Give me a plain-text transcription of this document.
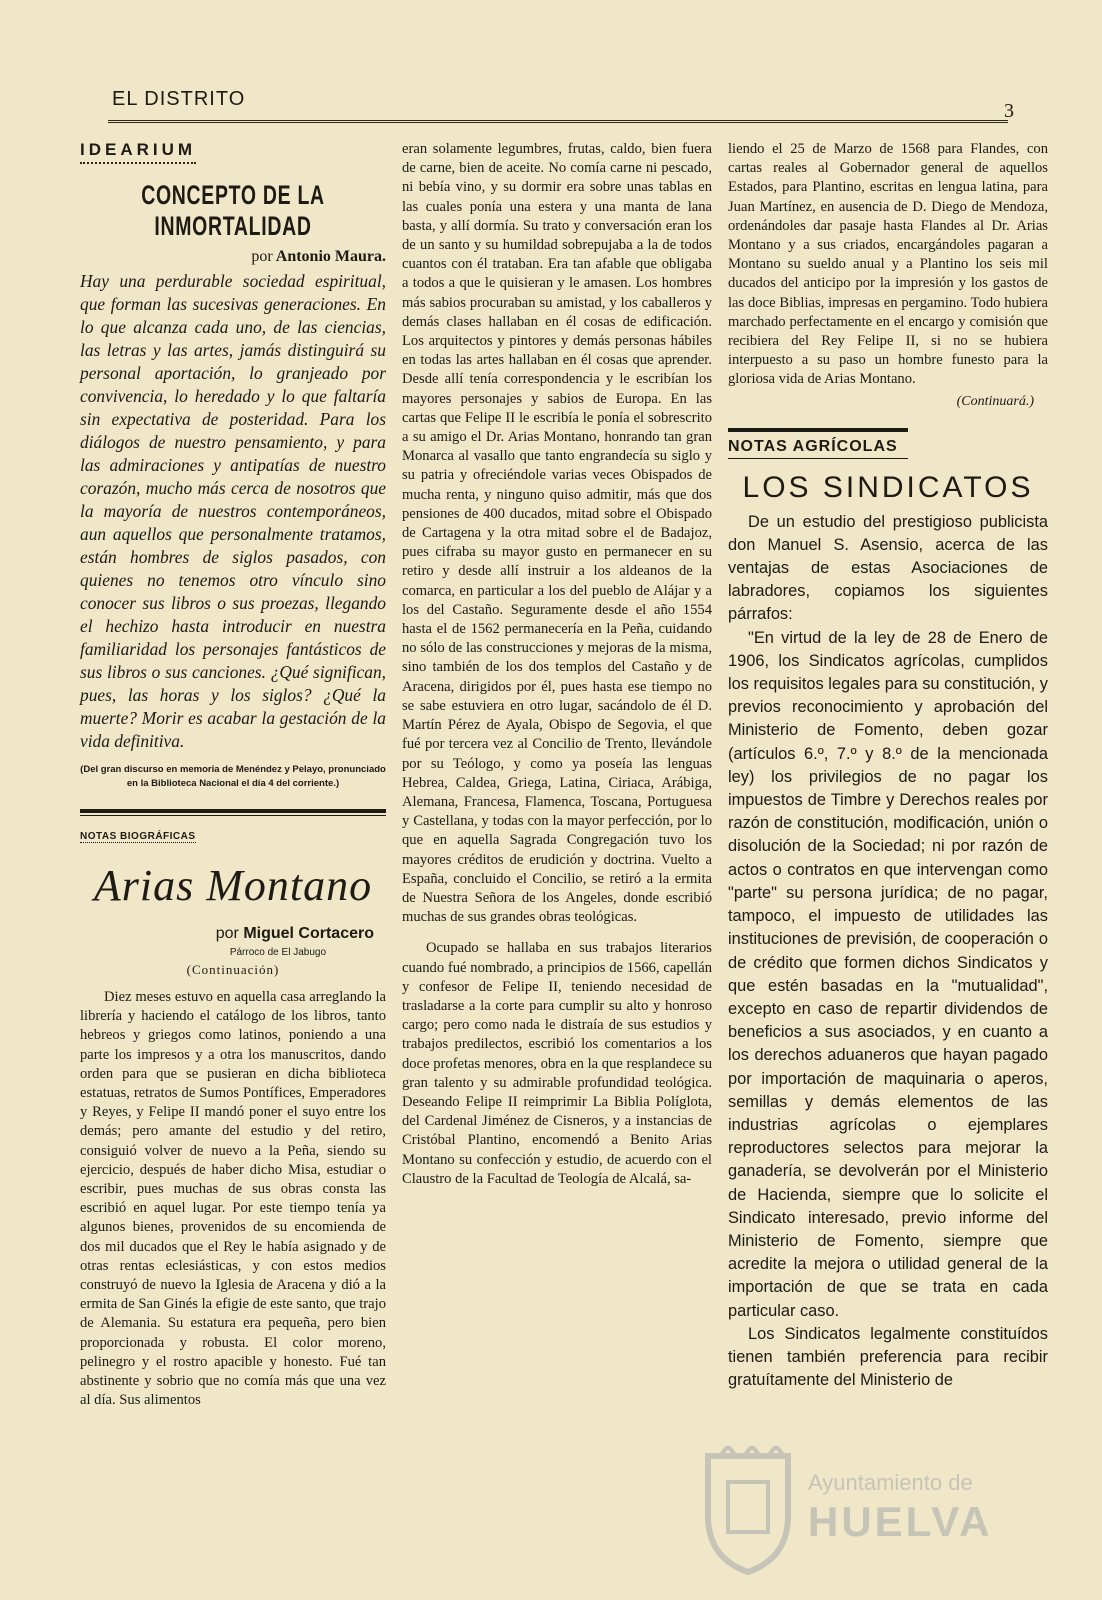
EL DISTRITO
3
IDEARIUM
CONCEPTO DE LA INMORTALIDAD
por Antonio Maura.
Hay una perdurable sociedad espiritual, que forman las sucesivas generaciones. En lo que alcanza cada uno, de las ciencias, las letras y las artes, jamás distinguirá su personal aportación, lo granjeado por convivencia, lo heredado y lo que faltaría sin expectativa de posteridad. Para los diálogos de nuestro pensamiento, y para las admiraciones y antipatías de nuestro corazón, mucho más cerca de nosotros que la mayoría de nuestros contemporáneos, aun aquellos que personalmente tratamos, están hombres de siglos pasados, con quienes no tenemos otro vínculo sino conocer sus libros o sus proezas, llegando el hechizo hasta introducir en nuestra familiaridad los personajes fantásticos de sus libros o sus canciones. ¿Qué significan, pues, las horas y los siglos? ¿Qué la muerte? Morir es acabar la gestación de la vida definitiva.
(Del gran discurso en memoria de Menéndez y Pelayo, pronunciado en la Biblioteca Nacional el día 4 del corriente.)
NOTAS BIOGRÁFICAS
Arias Montano
por Miguel Cortacero
Párroco de El Jabugo
(Continuación)

Diez meses estuvo en aquella casa arreglando la librería y haciendo el catálogo de los libros, tanto hebreos y griegos como latinos, poniendo a una parte los impresos y a otra los manuscritos, dando orden para que se pusieran en dicha biblioteca estatuas, retratos de Sumos Pontífices, Emperadores y Reyes, y Felipe II mandó poner el suyo entre los demás; pero amante del estudio y del retiro, consiguió volver de nuevo a la Peña, siendo su ejercicio, después de haber dicho Misa, estudiar o escribir, pues muchas de sus obras consta las escribió en aquel lugar. Por este tiempo tenía ya algunos bienes, provenidos de su encomienda de dos mil ducados que el Rey le había asignado y de otras rentas eclesiásticas, y con estos medios construyó de nuevo la Iglesia de Aracena y dió a la ermita de San Ginés la efigie de este santo, que trajo de Alemania. Su estatura era pequeña, pero bien proporcionada y robusta. El color moreno, pelinegro y el rostro apacible y honesto. Fué tan abstinente y sobrio que no comía más que una vez al día. Sus alimentos

eran solamente legumbres, frutas, caldo, bien fuera de carne, bien de aceite. No comía carne ni pescado, ni bebía vino, y su dormir era sobre unas tablas en las cuales ponía una estera y una manta de lana basta, y allí dormía. Su trato y conversación eran los de un santo y su humildad sobrepujaba a la de todos cuantos con él trataban. Era tan afable que obligaba a todos a que le quisieran y le amasen. Los hombres más sabios procuraban su amistad, y los caballeros y demás clases hallaban en él cosas de edificación. Los arquitectos y pintores y demás personas hábiles en todas las artes hallaban en él cosas que aprender. Desde allí tenía correspondencia y le escribían los mayores personajes y sabios de Europa. En las cartas que Felipe II le escribía le ponía el sobrescrito a su amigo el Dr. Arias Montano, honrando tan gran Monarca al vasallo que tanto engrandecía su siglo y su patria y ofreciéndole varias veces Obispados de mucha renta, y ninguno quiso admitir, más que dos pensiones de 400 ducados, mitad sobre el Obispado de Cartagena y la otra mitad sobre el de Badajoz, pues cifraba su mayor gusto en permanecer en su retiro y desde allí instruir a los aldeanos de la comarca, en particular a los del pueblo de Alájar y a los del Castaño. Seguramente desde el año 1554 hasta el de 1562 permanecería en la Peña, cuidando no sólo de las construcciones y mejoras de la misma, sino también de los dos templos del Castaño y de Aracena, dirigidos por él, pues hasta ese tiempo no se sabe estuviera en otro lugar, sacándolo de él D. Martín Pérez de Ayala, Obispo de Segovia, el que fué por tercera vez al Concilio de Trento, llevándole por su Teólogo, y como ya poseía las lenguas Hebrea, Caldea, Griega, Latina, Ciriaca, Arábiga, Alemana, Francesa, Flamenca, Toscana, Portuguesa y Castellana, y todas con la mayor perfección, por lo que en aquella Sagrada Congregación tuvo los mayores créditos de erudición y doctrina. Vuelto a España, concluido el Concilio, se retiró a la ermita de Nuestra Señora de los Angeles, donde escribió muchas de sus grandes obras teológicas.

Ocupado se hallaba en sus trabajos literarios cuando fué nombrado, a principios de 1566, capellán y confesor de Felipe II, teniendo necesidad de trasladarse a la corte para cumplir su alto y honroso cargo; pero como nada le distraía de sus estudios y trabajos predilectos, escribió los comentarios a los doce profetas menores, obra en la que resplandece su gran talento y su admirable profundidad teológica. Deseando Felipe II reimprimir La Biblia Políglota, del Cardenal Jiménez de Cisneros, y a instancias de Cristóbal Plantino, encomendó a Benito Arias Montano su confección y estudio, de acuerdo con el Claustro de la Facultad de Teología de Alcalá, sa-

liendo el 25 de Marzo de 1568 para Flandes, con cartas reales al Gobernador general de aquellos Estados, para Plantino, escritas en lengua latina, para Juan Martínez, en ausencia de D. Diego de Mendoza, ordenándoles dar pasaje hasta Flandes al Dr. Arias Montano y a sus criados, encargándoles pagaran a Montano su sueldo anual y a Plantino los seis mil ducados del anticipo por la impresión y los gastos de las doce Biblias, impresas en pergamino. Todo hubiera marchado perfectamente en el encargo y comisión que recibiera del Rey Felipe II, si no se hubiera interpuesto a su paso un hombre funesto para la gloriosa vida de Arias Montano.

(Continuará.)
NOTAS AGRÍCOLAS
LOS SINDICATOS

De un estudio del prestigioso publicista don Manuel S. Asensio, acerca de las ventajas de estas Asociaciones de labradores, copiamos los siguientes párrafos:

"En virtud de la ley de 28 de Enero de 1906, los Sindicatos agrícolas, cumplidos los requisitos legales para su constitución, y previos reconocimiento y aprobación del Ministerio de Fomento, deben gozar (artículos 6.º, 7.º y 8.º de la mencionada ley) los privilegios de no pagar los impuestos de Timbre y Derechos reales por razón de constitución, modificación, unión o disolución de la Sociedad; ni por razón de actos o contratos en que intervengan como "parte" su persona jurídica; de no pagar, tampoco, el impuesto de utilidades las instituciones de previsión, de cooperación o de crédito que formen dichos Sindicatos y que estén basadas en la "mutualidad", excepto en caso de repartir dividendos de beneficios a sus asociados, y en cuanto a los derechos aduaneros que hayan pagado por importación de maquinaria o aperos, semillas y demás elementos de las industrias agrícolas o ejemplares reproductores selectos para mejorar la ganadería, se devolverán por el Ministerio de Hacienda, siempre que lo solicite el Sindicato interesado, previo informe del Ministerio de Fomento, siempre que acredite la mejora o utilidad general de la importación de que se trata en cada particular caso.

Los Sindicatos legalmente constituídos tienen también preferencia para recibir gratuítamente del Ministerio de

Ayuntamiento de
HUELVA
